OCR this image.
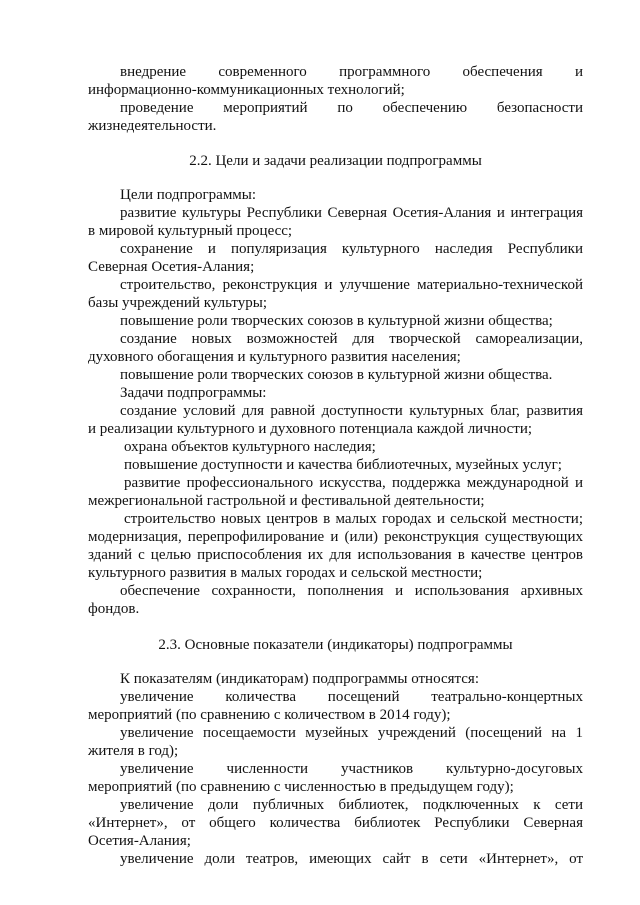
внедрение современного программного обеспечения и
информационно-коммуникационных технологий;
проведение мероприятий по обеспечению безопасности
жизнедеятельности.
2.2. Цели и задачи реализации подпрограммы
Цели подпрограммы:
развитие культуры Республики Северная Осетия-Алания и интеграция
в мировой культурный процесс;
сохранение и популяризация культурного наследия Республики
Северная Осетия-Алания;
строительство, реконструкция и улучшение материально-технической
базы учреждений культуры;
повышение роли творческих союзов в культурной жизни общества;
создание новых возможностей для творческой самореализации,
духовного обогащения и культурного развития населения;
повышение роли творческих союзов в культурной жизни общества.
Задачи подпрограммы:
создание условий для равной доступности культурных благ, развития
и реализации культурного и духовного потенциала каждой личности;
охрана объектов культурного наследия;
повышение доступности и качества библиотечных, музейных услуг;
развитие профессионального искусства, поддержка международной и
межрегиональной гастрольной и фестивальной деятельности;
строительство новых центров в малых городах и сельской местности;
модернизация, перепрофилирование и (или) реконструкция существующих
зданий с целью приспособления их для использования в качестве центров
культурного развития в малых городах и сельской местности;
обеспечение сохранности, пополнения и использования архивных
фондов.
2.3. Основные показатели (индикаторы) подпрограммы
К показателям (индикаторам) подпрограммы относятся:
увеличение количества посещений театрально-концертных
мероприятий (по сравнению с количеством в 2014 году);
увеличение посещаемости музейных учреждений (посещений на 1
жителя в год);
увеличение численности участников культурно-досуговых
мероприятий (по сравнению с численностью в предыдущем году);
увеличение доли публичных библиотек, подключенных к сети
«Интернет», от общего количества библиотек Республики Северная
Осетия-Алания;
увеличение доли театров, имеющих сайт в сети «Интернет», от
